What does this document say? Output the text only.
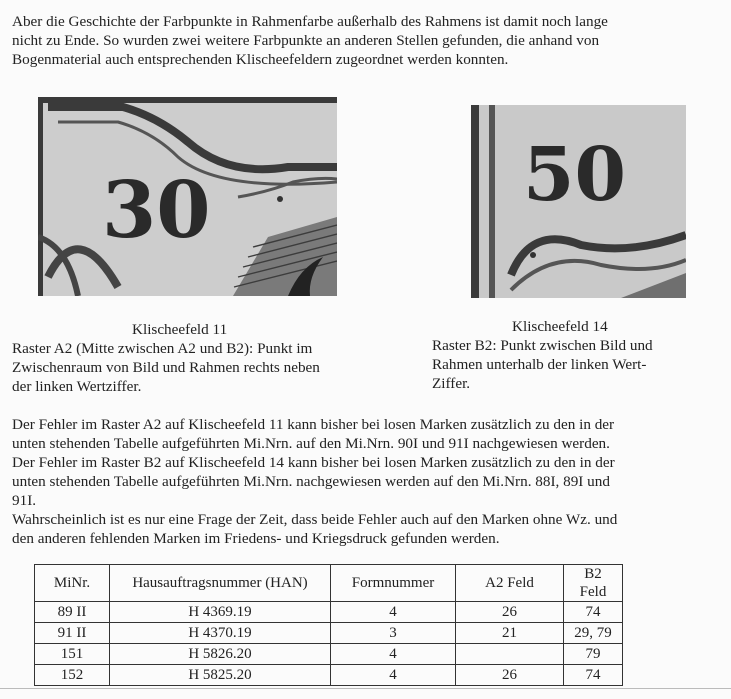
Aber die Geschichte der Farbpunkte in Rahmenfarbe außerhalb des Rahmens ist damit noch lange
nicht zu Ende. So wurden zwei weitere Farbpunkte an anderen Stellen gefunden, die anhand von
Bogenmaterial auch entsprechenden Klischeefeldern zugeordnet werden konnten.
30	50
Klischeefeld 11
Raster A2 (Mitte zwischen A2 und B2): Punkt im
Zwischenraum von Bild und Rahmen rechts neben
der linken Wertziffer.
Klischeefeld 14
Raster B2: Punkt zwischen Bild und
Rahmen unterhalb der linken Wert-
Ziffer.
Der Fehler im Raster A2 auf Klischeefeld 11 kann bisher bei losen Marken zusätzlich zu den in der
unten stehenden Tabelle aufgeführten Mi.Nrn. auf den Mi.Nrn. 90I und 91I nachgewiesen werden.
Der Fehler im Raster B2 auf Klischeefeld 14 kann bisher bei losen Marken zusätzlich zu den in der
unten stehenden Tabelle aufgeführten Mi.Nrn. nachgewiesen werden auf den Mi.Nrn. 88I, 89I und
91I.
Wahrscheinlich ist es nur eine Frage der Zeit, dass beide Fehler auch auf den Marken ohne Wz. und
den anderen fehlenden Marken im Friedens- und Kriegsdruck gefunden werden.
MiNr.	Hausauftragsnummer (HAN)	Formnummer	A2 Feld	B2 Feld
89 II	H 4369.19	4	26	74
91 II	H 4370.19	3	21	29, 79
151	H 5826.20	4		79
152	H 5825.20	4	26	74
